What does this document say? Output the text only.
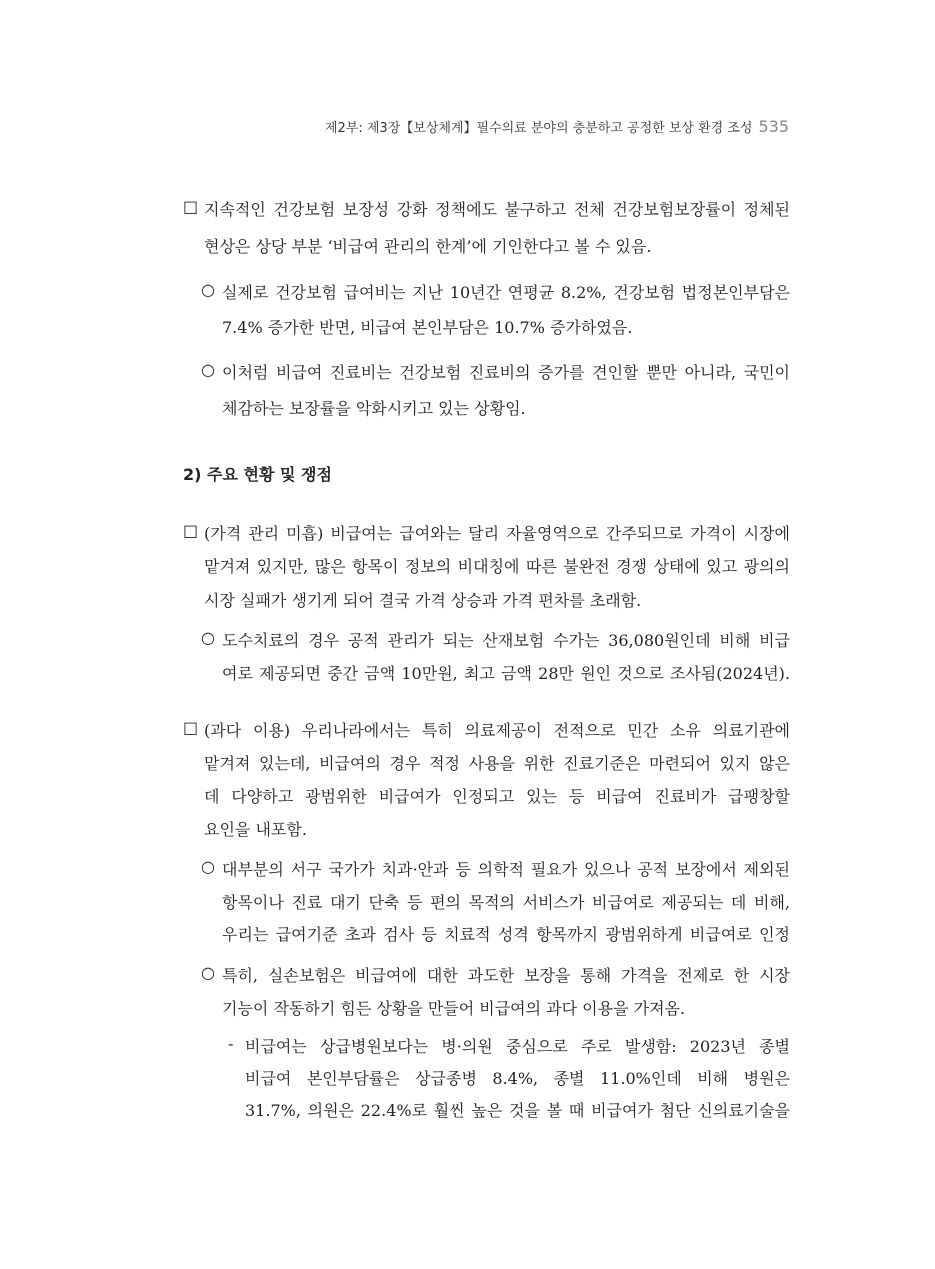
제2부: 제3장【보상체계】필수의료 분야의 충분하고 공정한 보상 환경 조성 535
□ 지속적인 건강보험 보장성 강화 정책에도 불구하고 전체 건강보험보장률이 정체된
현상은 상당 부분 ‘비급여 관리의 한계’에 기인한다고 볼 수 있음.
○ 실제로 건강보험 급여비는 지난 10년간 연평균 8.2%, 건강보험 법정본인부담은
7.4% 증가한 반면, 비급여 본인부담은 10.7% 증가하였음.
○ 이처럼 비급여 진료비는 건강보험 진료비의 증가를 견인할 뿐만 아니라, 국민이
체감하는 보장률을 악화시키고 있는 상황임.
2) 주요 현황 및 쟁점
□ (가격 관리 미흡) 비급여는 급여와는 달리 자율영역으로 간주되므로 가격이 시장에
맡겨져 있지만, 많은 항목이 정보의 비대칭에 따른 불완전 경쟁 상태에 있고 광의의
시장 실패가 생기게 되어 결국 가격 상승과 가격 편차를 초래함.
○ 도수치료의 경우 공적 관리가 되는 산재보험 수가는 36,080원인데 비해 비급
여로 제공되면 중간 금액 10만원, 최고 금액 28만 원인 것으로 조사됨(2024년).
□ (과다 이용) 우리나라에서는 특히 의료제공이 전적으로 민간 소유 의료기관에
맡겨져 있는데, 비급여의 경우 적정 사용을 위한 진료기준은 마련되어 있지 않은
데 다양하고 광범위한 비급여가 인정되고 있는 등 비급여 진료비가 급팽창할
요인을 내포함.
○ 대부분의 서구 국가가 치과·안과 등 의학적 필요가 있으나 공적 보장에서 제외된
항목이나 진료 대기 단축 등 편의 목적의 서비스가 비급여로 제공되는 데 비해,
우리는 급여기준 초과 검사 등 치료적 성격 항목까지 광범위하게 비급여로 인정
○ 특히, 실손보험은 비급여에 대한 과도한 보장을 통해 가격을 전제로 한 시장
기능이 작동하기 힘든 상황을 만들어 비급여의 과다 이용을 가져옴.
- 비급여는 상급병원보다는 병·의원 중심으로 주로 발생함: 2023년 종별
비급여 본인부담률은 상급종병 8.4%, 종별 11.0%인데 비해 병원은
31.7%, 의원은 22.4%로 훨씬 높은 것을 볼 때 비급여가 첨단 신의료기술을
